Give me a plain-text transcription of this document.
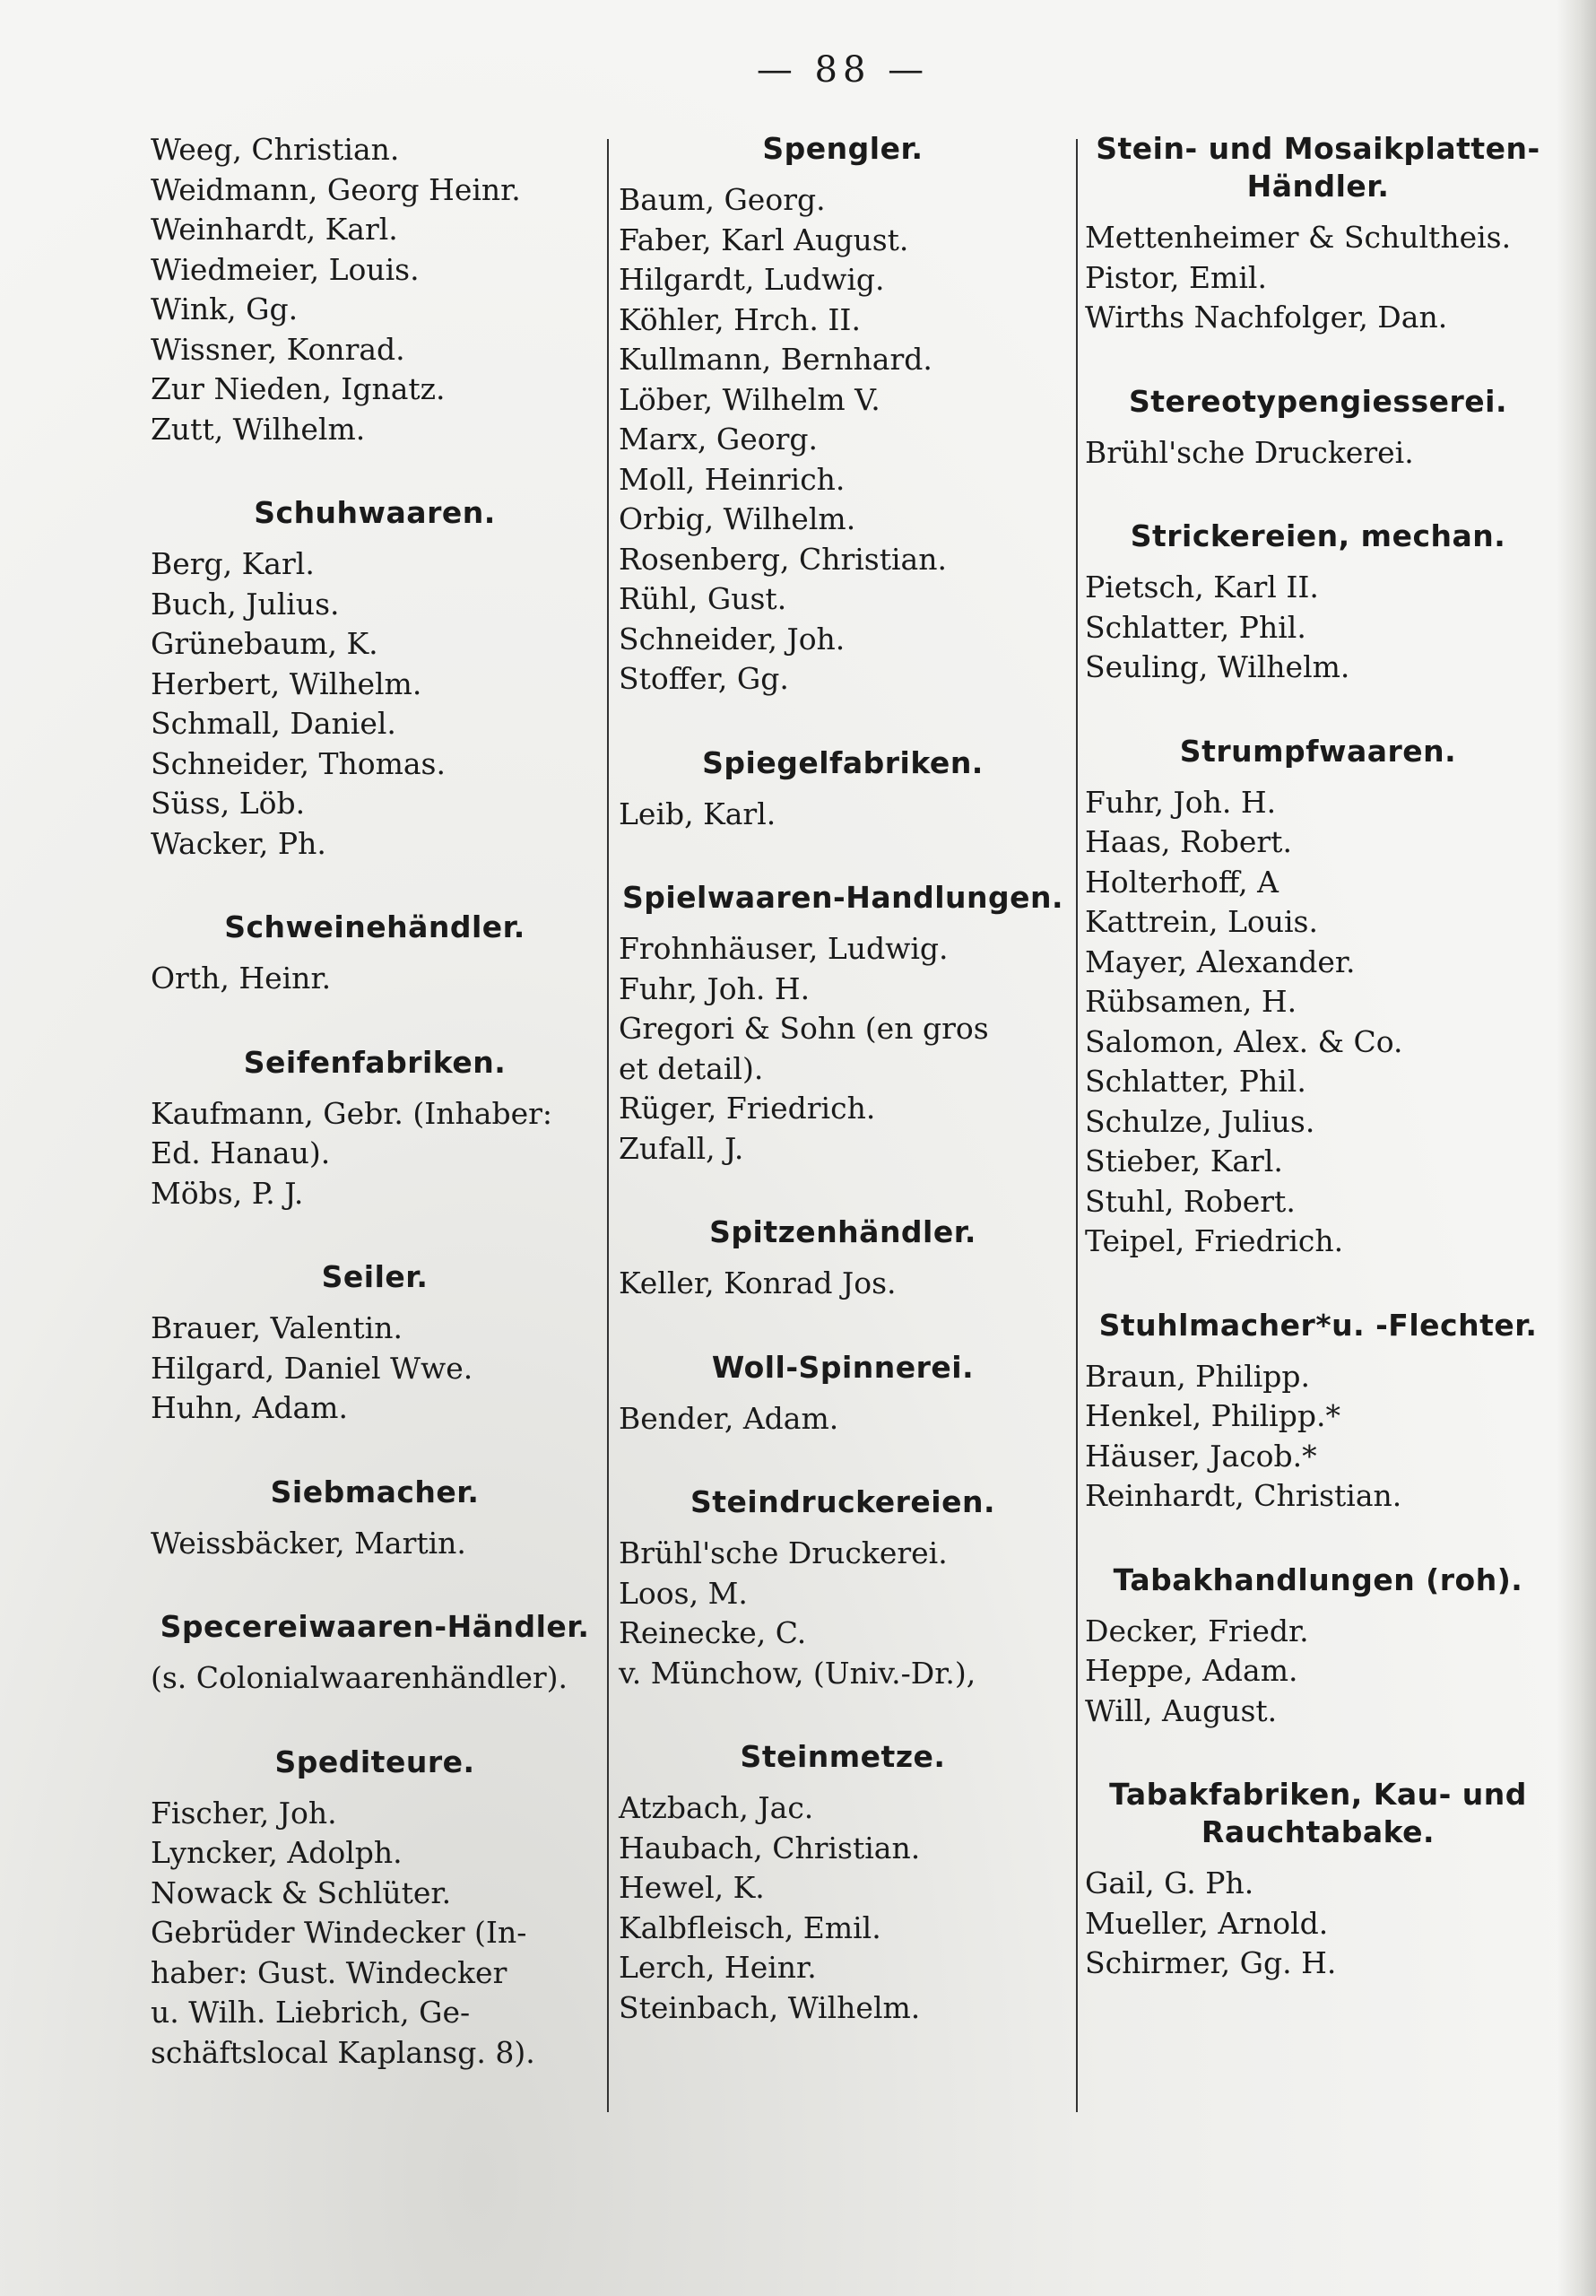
— 88 —
Weeg, Christian.
Weidmann, Georg Heinr.
Weinhardt, Karl.
Wiedmeier, Louis.
Wink, Gg.
Wissner, Konrad.
Zur Nieden, Ignatz.
Zutt, Wilhelm.
Schuhwaaren.
Berg, Karl.
Buch, Julius.
Grünebaum, K.
Herbert, Wilhelm.
Schmall, Daniel.
Schneider, Thomas.
Süss, Löb.
Wacker, Ph.
Schweinehändler.
Orth, Heinr.
Seifenfabriken.
Kaufmann, Gebr. (Inhaber:
Ed. Hanau).
Möbs, P. J.
Seiler.
Brauer, Valentin.
Hilgard, Daniel Wwe.
Huhn, Adam.
Siebmacher.
Weissbäcker, Martin.
Specereiwaaren-Händler.
(s. Colonialwaarenhändler).
Spediteure.
Fischer, Joh.
Lyncker, Adolph.
Nowack & Schlüter.
Gebrüder Windecker (In-
haber: Gust. Windecker
u. Wilh. Liebrich, Ge-
schäftslocal Kaplansg. 8).
Spengler.
Baum, Georg.
Faber, Karl August.
Hilgardt, Ludwig.
Köhler, Hrch. II.
Kullmann, Bernhard.
Löber, Wilhelm V.
Marx, Georg.
Moll, Heinrich.
Orbig, Wilhelm.
Rosenberg, Christian.
Rühl, Gust.
Schneider, Joh.
Stoffer, Gg.
Spiegelfabriken.
Leib, Karl.
Spielwaaren-Handlungen.
Frohnhäuser, Ludwig.
Fuhr, Joh. H.
Gregori & Sohn (en gros
et detail).
Rüger, Friedrich.
Zufall, J.
Spitzenhändler.
Keller, Konrad Jos.
Woll-Spinnerei.
Bender, Adam.
Steindruckereien.
Brühl'sche Druckerei.
Loos, M.
Reinecke, C.
v. Münchow, (Univ.-Dr.),
Steinmetze.
Atzbach, Jac.
Haubach, Christian.
Hewel, K.
Kalbfleisch, Emil.
Lerch, Heinr.
Steinbach, Wilhelm.
Stein- und Mosaikplatten-
Händler.
Mettenheimer & Schultheis.
Pistor, Emil.
Wirths Nachfolger, Dan.
Stereotypengiesserei.
Brühl'sche Druckerei.
Strickereien, mechan.
Pietsch, Karl II.
Schlatter, Phil.
Seuling, Wilhelm.
Strumpfwaaren.
Fuhr, Joh. H.
Haas, Robert.
Holterhoff, A
Kattrein, Louis.
Mayer, Alexander.
Rübsamen, H.
Salomon, Alex. & Co.
Schlatter, Phil.
Schulze, Julius.
Stieber, Karl.
Stuhl, Robert.
Teipel, Friedrich.
Stuhlmacher*u. -Flechter.
Braun, Philipp.
Henkel, Philipp.*
Häuser, Jacob.*
Reinhardt, Christian.
Tabakhandlungen (roh).
Decker, Friedr.
Heppe, Adam.
Will, August.
Tabakfabriken, Kau- und
Rauchtabake.
Gail, G. Ph.
Mueller, Arnold.
Schirmer, Gg. H.
